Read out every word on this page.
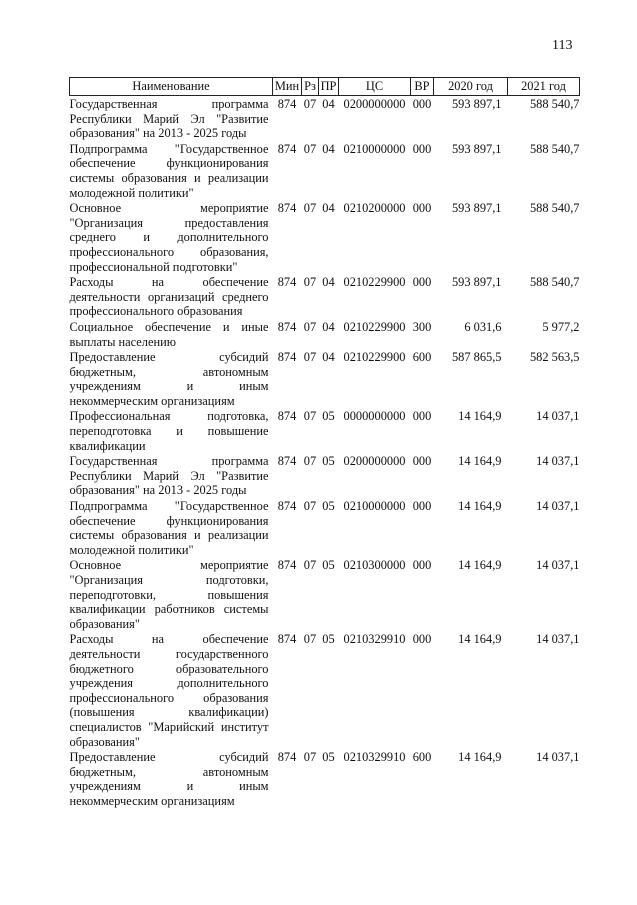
113
Наименование	Мин	Рз	ПР	ЦС	ВР	2020 год	2021 год
Государственная программа Республики Марий Эл "Развитие образования" на 2013 - 2025 годы	874	07	04	0200000000	000	593 897,1	588 540,7
Подпрограмма "Государственное обеспечение функционирования системы образования и реализации молодежной политики"	874	07	04	0210000000	000	593 897,1	588 540,7
Основное мероприятие "Организация предоставления среднего и дополнительного профессионального образования, профессиональной подготовки"	874	07	04	0210200000	000	593 897,1	588 540,7
Расходы на обеспечение деятельности организаций среднего профессионального образования	874	07	04	0210229900	000	593 897,1	588 540,7
Социальное обеспечение и иные выплаты населению	874	07	04	0210229900	300	6 031,6	5 977,2
Предоставление субсидий бюджетным, автономным учреждениям и иным некоммерческим организациям	874	07	04	0210229900	600	587 865,5	582 563,5
Профессиональная подготовка, переподготовка и повышение квалификации	874	07	05	0000000000	000	14 164,9	14 037,1
Государственная программа Республики Марий Эл "Развитие образования" на 2013 - 2025 годы	874	07	05	0200000000	000	14 164,9	14 037,1
Подпрограмма "Государственное обеспечение функционирования системы образования и реализации молодежной политики"	874	07	05	0210000000	000	14 164,9	14 037,1
Основное мероприятие "Организация подготовки, переподготовки, повышения квалификации работников системы образования"	874	07	05	0210300000	000	14 164,9	14 037,1
Расходы на обеспечение деятельности государственного бюджетного образовательного учреждения дополнительного профессионального образования (повышения квалификации) специалистов "Марийский институт образования"	874	07	05	0210329910	000	14 164,9	14 037,1
Предоставление субсидий бюджетным, автономным учреждениям и иным некоммерческим организациям	874	07	05	0210329910	600	14 164,9	14 037,1
